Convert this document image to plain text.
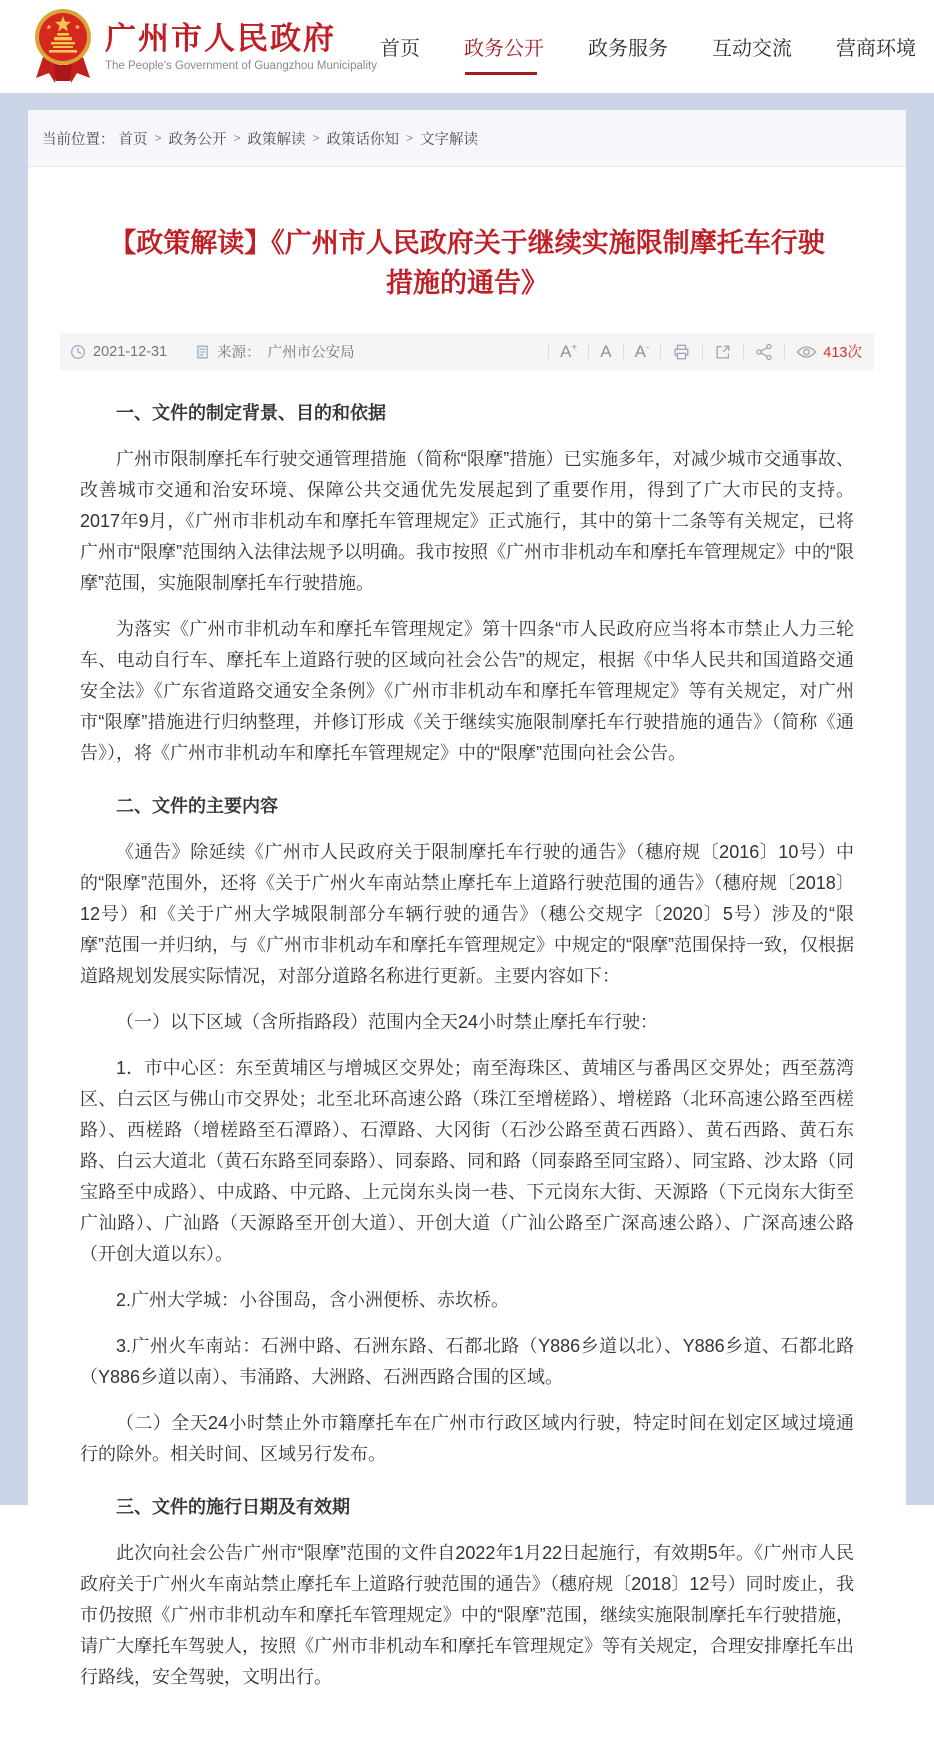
广州市人民政府
The People's Government of Guangzhou Municipality
首页 政务公开 政务服务 互动交流 营商环境
当前位置： 首页 > 政务公开 > 政策解读 > 政策话你知 > 文字解读
【政策解读】《广州市人民政府关于继续实施限制摩托车行驶措施的通告》
2021-12-31	来源： 广州市公安局	A+ A A-	413次
一、文件的制定背景、目的和依据

广州市限制摩托车行驶交通管理措施（简称“限摩”措施）已实施多年，对减少城市交通事故、改善城市交通和治安环境、保障公共交通优先发展起到了重要作用，得到了广大市民的支持。2017年9月，《广州市非机动车和摩托车管理规定》正式施行，其中的第十二条等有关规定，已将广州市“限摩”范围纳入法律法规予以明确。我市按照《广州市非机动车和摩托车管理规定》中的“限摩”范围，实施限制摩托车行驶措施。

为落实《广州市非机动车和摩托车管理规定》第十四条“市人民政府应当将本市禁止人力三轮车、电动自行车、摩托车上道路行驶的区域向社会公告”的规定，根据《中华人民共和国道路交通安全法》《广东省道路交通安全条例》《广州市非机动车和摩托车管理规定》等有关规定，对广州市“限摩”措施进行归纳整理，并修订形成《关于继续实施限制摩托车行驶措施的通告》（简称《通告》），将《广州市非机动车和摩托车管理规定》中的“限摩”范围向社会公告。

二、文件的主要内容

《通告》除延续《广州市人民政府关于限制摩托车行驶的通告》（穗府规〔2016〕10号）中的“限摩”范围外，还将《关于广州火车南站禁止摩托车上道路行驶范围的通告》（穗府规〔2018〕12号）和《关于广州大学城限制部分车辆行驶的通告》（穗公交规字〔2020〕5号）涉及的“限摩”范围一并归纳，与《广州市非机动车和摩托车管理规定》中规定的“限摩”范围保持一致，仅根据道路规划发展实际情况，对部分道路名称进行更新。主要内容如下：

（一）以下区域（含所指路段）范围内全天24小时禁止摩托车行驶：

1．市中心区：东至黄埔区与增城区交界处；南至海珠区、黄埔区与番禺区交界处；西至荔湾区、白云区与佛山市交界处；北至北环高速公路（珠江至增槎路）、增槎路（北环高速公路至西槎路）、西槎路（增槎路至石潭路）、石潭路、大冈街（石沙公路至黄石西路）、黄石西路、黄石东路、白云大道北（黄石东路至同泰路）、同泰路、同和路（同泰路至同宝路）、同宝路、沙太路（同宝路至中成路）、中成路、中元路、上元岗东头岗一巷、下元岗东大街、天源路（下元岗东大街至广汕路）、广汕路（天源路至开创大道）、开创大道（广汕公路至广深高速公路）、广深高速公路（开创大道以东）。

2.广州大学城：小谷围岛，含小洲便桥、赤坎桥。

3.广州火车南站：石洲中路、石洲东路、石都北路（Y886乡道以北）、Y886乡道、石都北路（Y886乡道以南）、韦涌路、大洲路、石洲西路合围的区域。

（二）全天24小时禁止外市籍摩托车在广州市行政区域内行驶，特定时间在划定区域过境通行的除外。相关时间、区域另行发布。

三、文件的施行日期及有效期

此次向社会公告广州市“限摩”范围的文件自2022年1月22日起施行，有效期5年。《广州市人民政府关于广州火车南站禁止摩托车上道路行驶范围的通告》（穗府规〔2018〕12号）同时废止，我市仍按照《广州市非机动车和摩托车管理规定》中的“限摩”范围，继续实施限制摩托车行驶措施，请广大摩托车驾驶人，按照《广州市非机动车和摩托车管理规定》等有关规定，合理安排摩托车出行路线，安全驾驶，文明出行。
